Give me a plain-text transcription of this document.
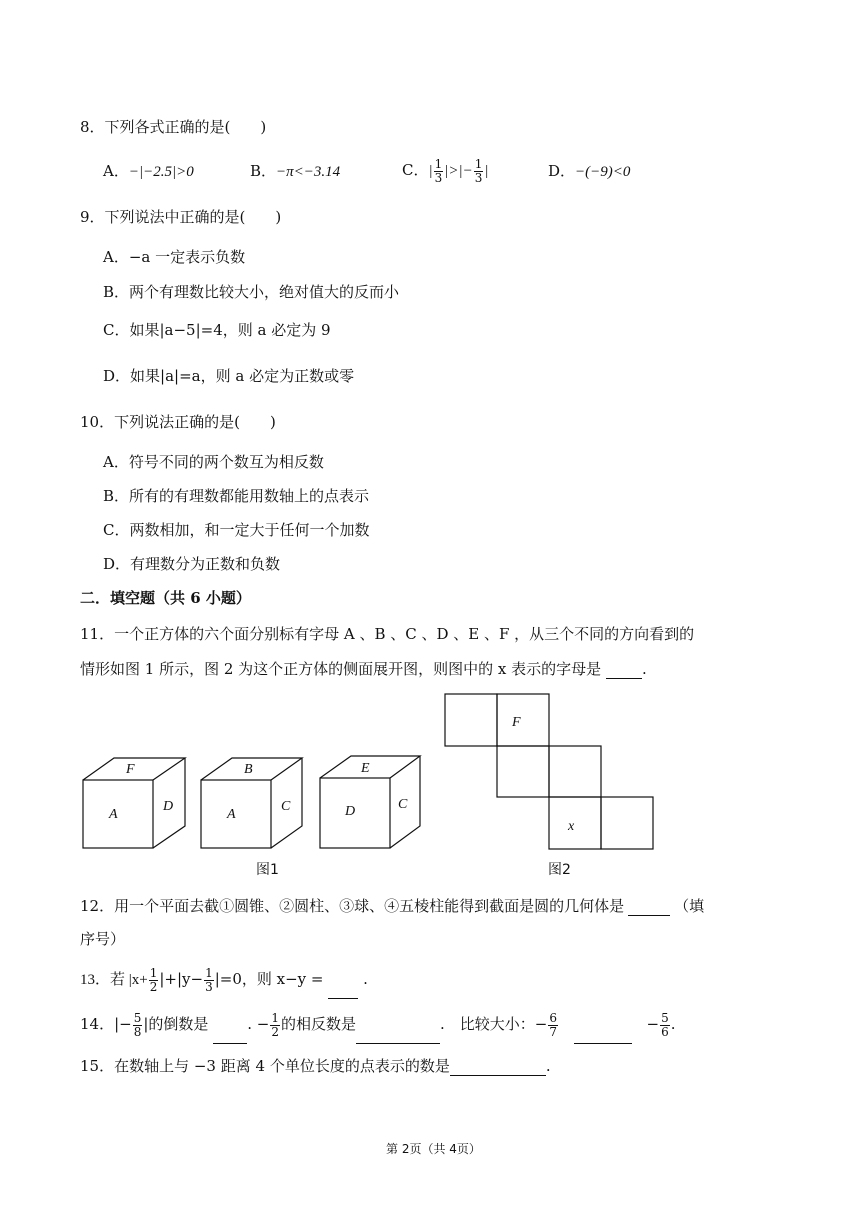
8．下列各式正确的是(　　)
A．−|−2.5|>0	B．−π<−3.14	C．| $\frac{1}{3}$ |>|− $\frac{1}{3}$ |	D．−(−9)<0
9．下列说法中正确的是(　　)
A．−a 一定表示负数
B．两个有理数比较大小，绝对值大的反而小
C．如果|a−5|=4，则 a 必定为 9
D．如果|a|=a，则 a 必定为正数或零
10．下列说法正确的是(　　)
A．符号不同的两个数互为相反数
B．所有的有理数都能用数轴上的点表示
C．两数相加，和一定大于任何一个加数
D．有理数分为正数和负数
二．填空题（共 6 小题）
11．一个正方体的六个面分别标有字母 A 、B 、C 、D 、E 、F ，从三个不同的方向看到的
情形如图 1 所示，图 2 为这个正方体的侧面展开图，则图中的 x 表示的字母是	.
F
A
D
B
A
C
E
D	C
F
x
图1	图2
12．用一个平面去截①圆锥、②圆柱、③球、④五棱柱能得到截面是圆的几何体是	（填
序号）
13．若 $|x+ \frac{1}{2} |+|y- \frac{1}{3} |=0$，则 x−y =	.
14．|− $\frac{5}{8}$ |的倒数是	. − $\frac{1}{2}$ 的相反数是	.　比较大小：− $\frac{6}{7}$	− $\frac{5}{6}$ .
15．在数轴上与 −3 距离 4 个单位长度的点表示的数是	.
第 2页（共 4页）
